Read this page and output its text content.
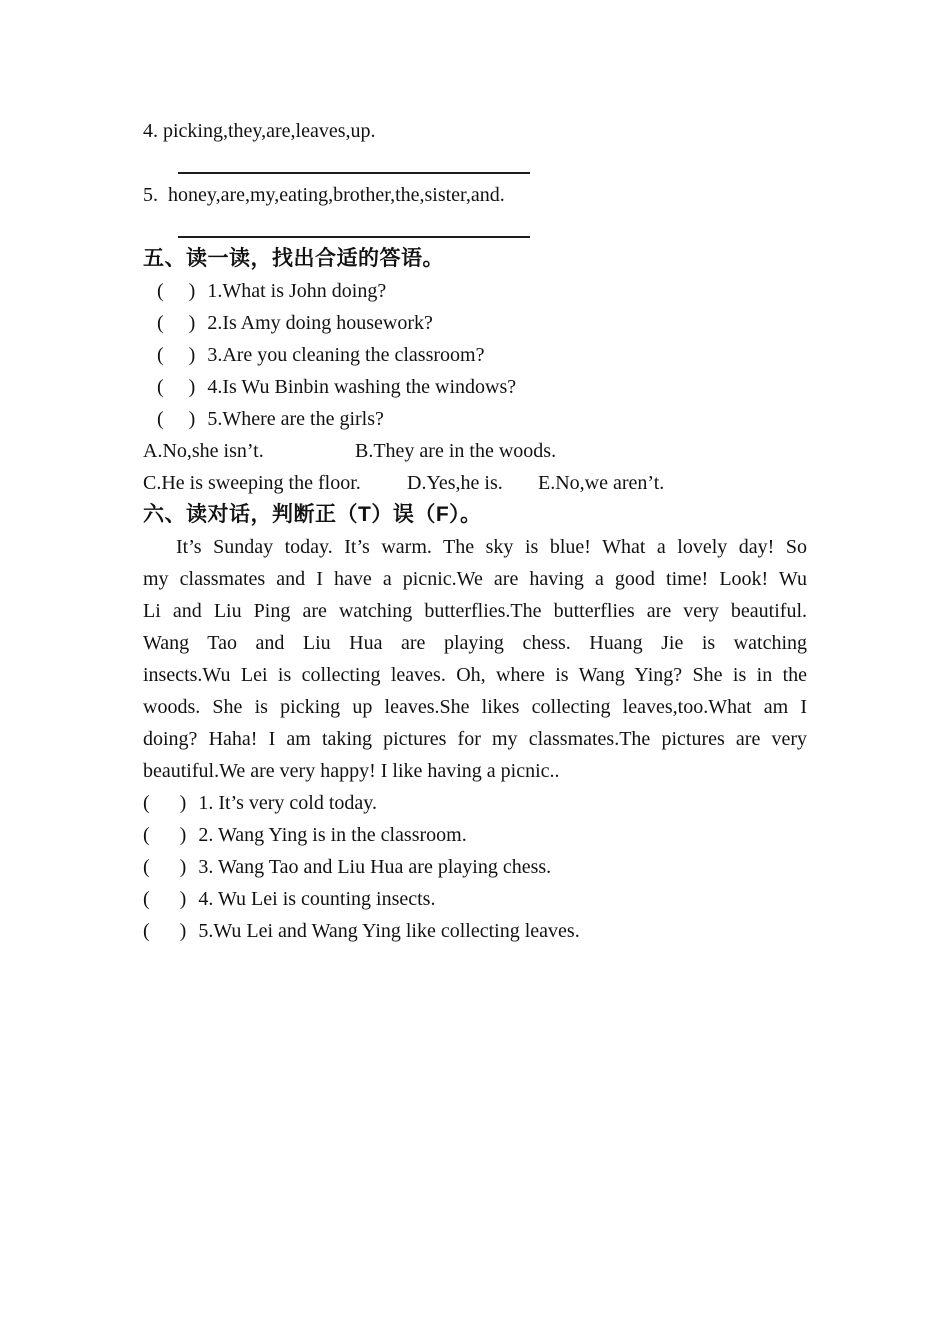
4. picking,they,are,leaves,up.
5.  honey,are,my,eating,brother,the,sister,and.
五、读一读，找出合适的答语。
(     ) 1.What is John doing?
(     ) 2.Is Amy doing housework?
(     ) 3.Are you cleaning the classroom?
(     ) 4.Is Wu Binbin washing the windows?
(     ) 5.Where are the girls?
A.No,she isn’t.	B.They are in the woods.
C.He is sweeping the floor. D.Yes,he is. E.No,we aren’t.
六、读对话，判断正（T）误（F）。
It’s Sunday today. It’s warm. The sky is blue! What a lovely day! So
my classmates and I have a picnic.We are having a good time! Look! Wu
Li and Liu Ping are watching butterflies.The butterflies are very beautiful.
Wang Tao and Liu Hua are playing chess. Huang Jie is watching
insects.Wu Lei is collecting leaves. Oh, where is Wang Ying? She is in the
woods. She is picking up leaves.She likes collecting leaves,too.What am I
doing? Haha! I am taking pictures for my classmates.The pictures are very
beautiful.We are very happy! I like having a picnic..
(      ) 1. It’s very cold today.
(      ) 2. Wang Ying is in the classroom.
(      ) 3. Wang Tao and Liu Hua are playing chess.
(      ) 4. Wu Lei is counting insects.
(      ) 5.Wu Lei and Wang Ying like collecting leaves.
